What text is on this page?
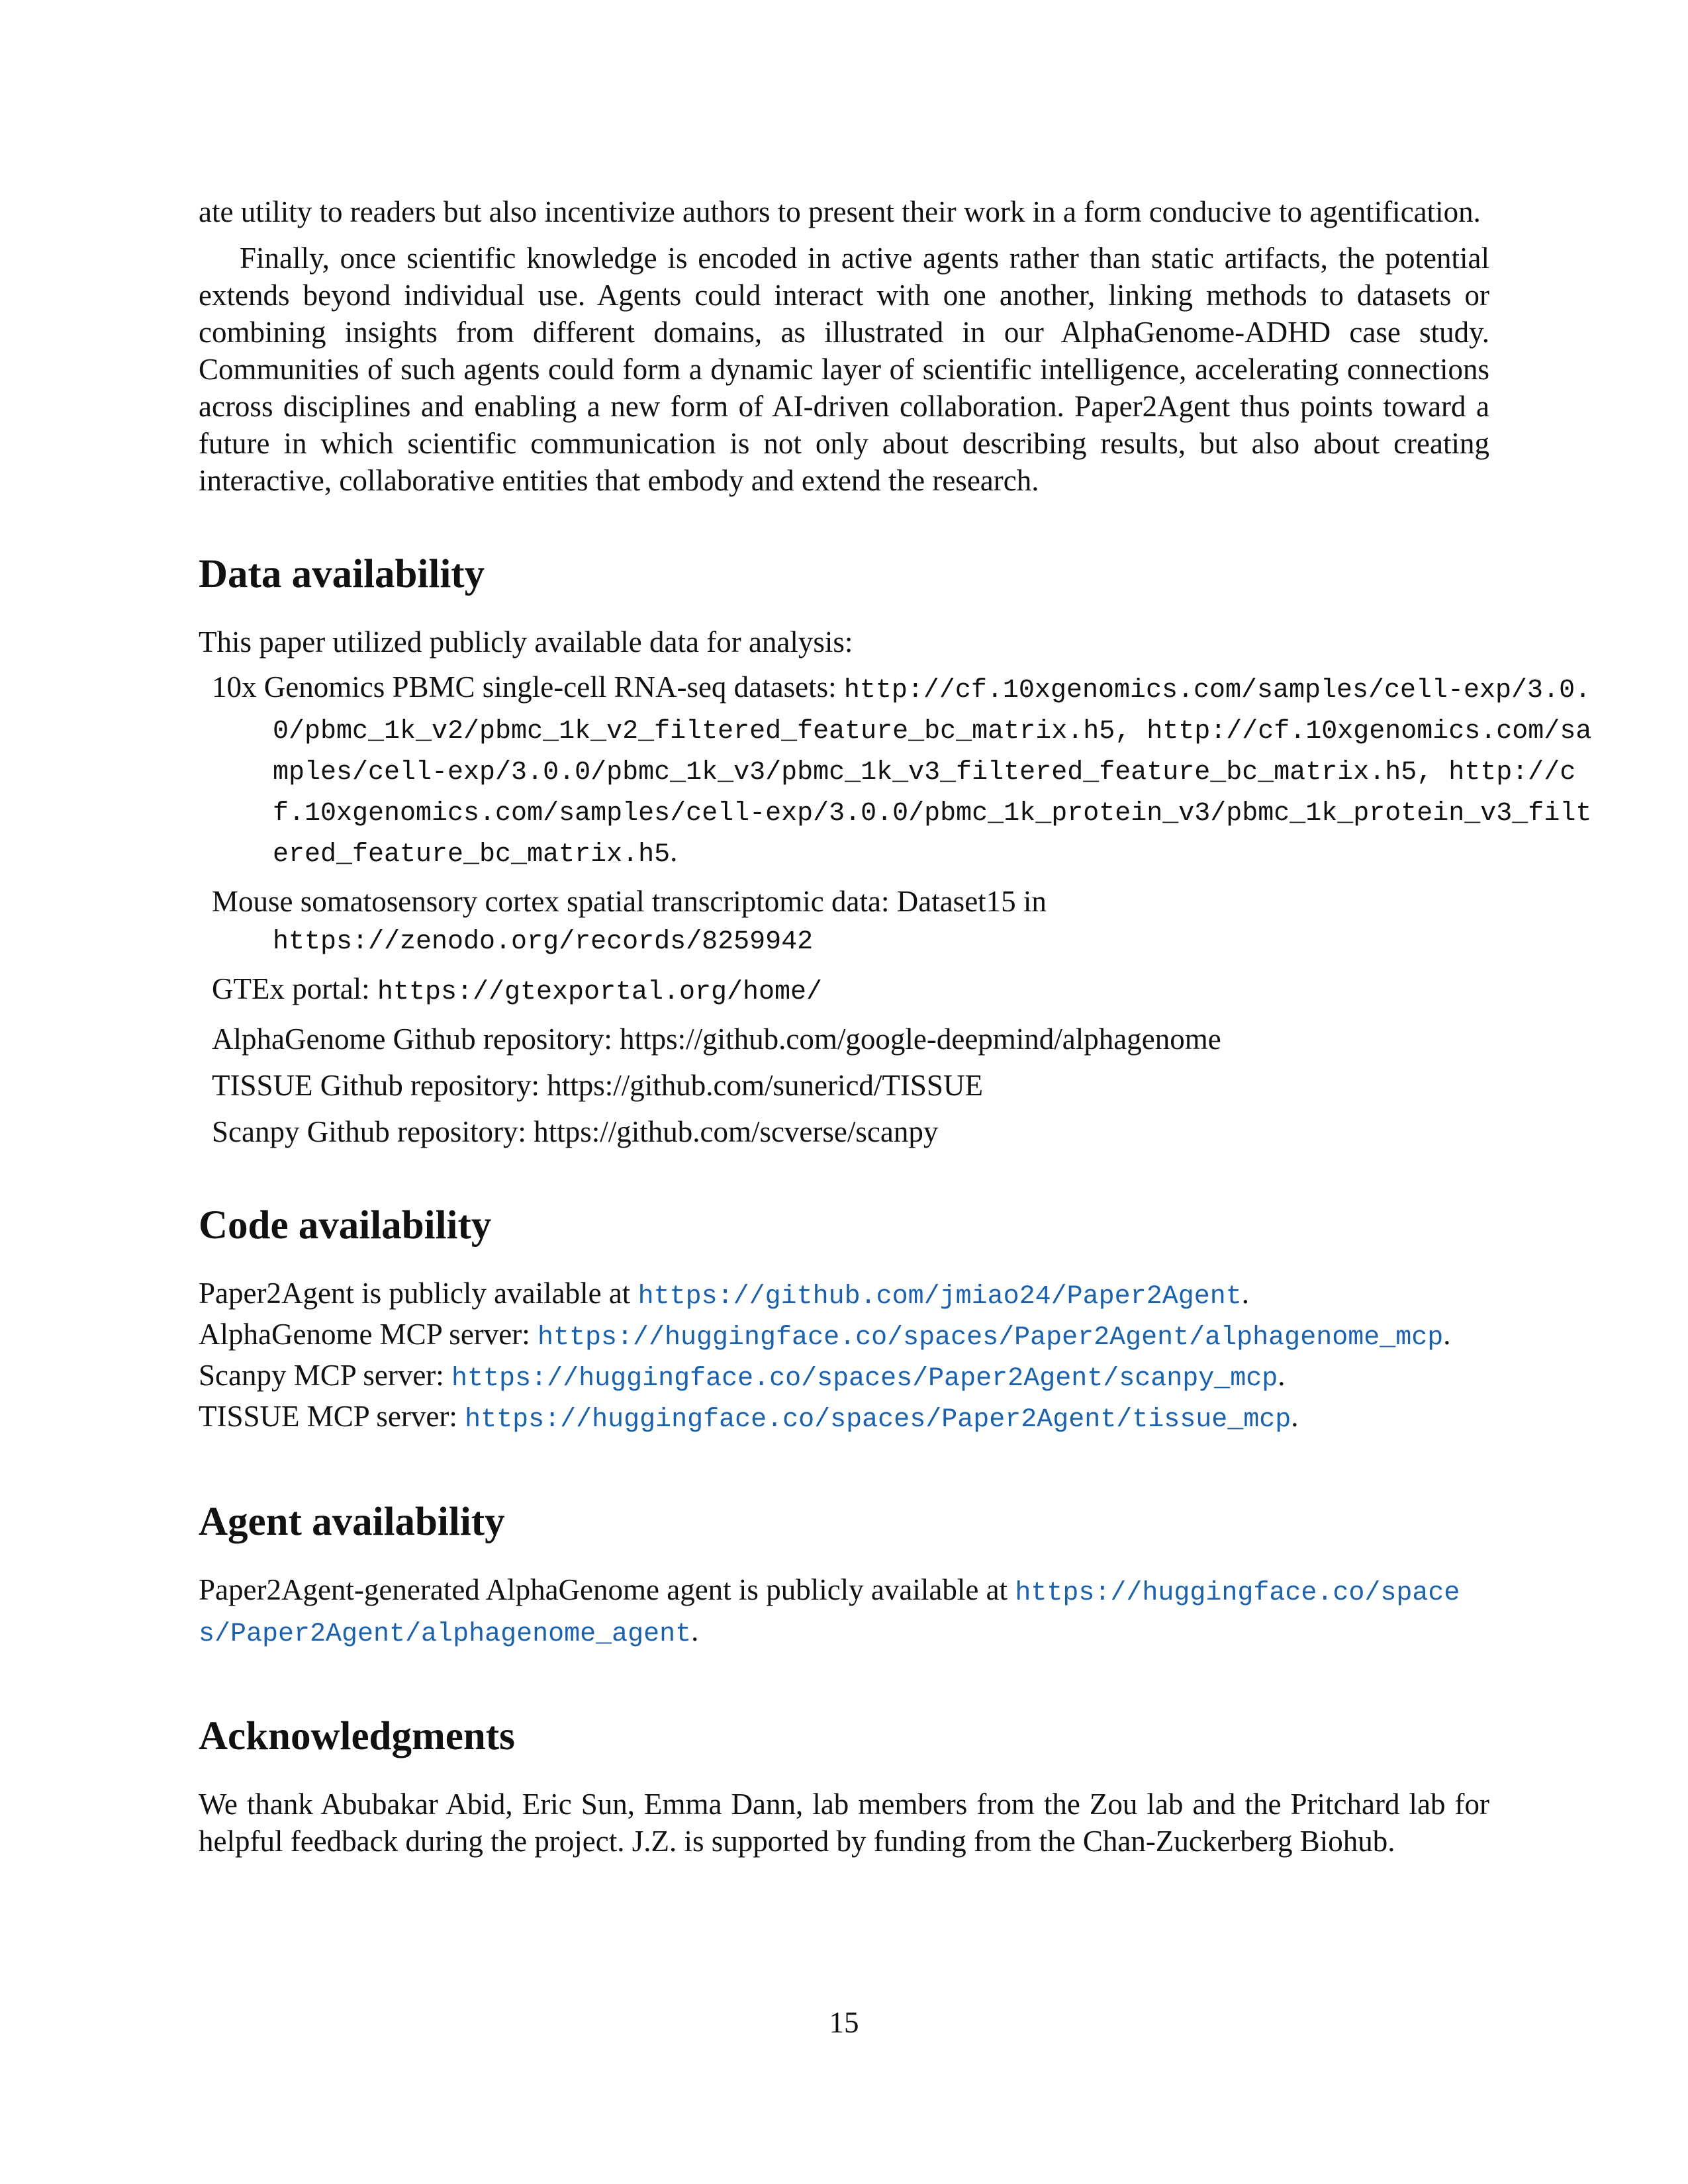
ate utility to readers but also incentivize authors to present their work in a form conducive to agentification.

Finally, once scientific knowledge is encoded in active agents rather than static artifacts, the potential extends beyond individual use. Agents could interact with one another, linking methods to datasets or combining insights from different domains, as illustrated in our AlphaGenome-ADHD case study. Communities of such agents could form a dynamic layer of scientific intelligence, accelerating connections across disciplines and enabling a new form of AI-driven collaboration. Paper2Agent thus points toward a future in which scientific communication is not only about describing results, but also about creating interactive, collaborative entities that embody and extend the research.

Data availability

This paper utilized publicly available data for analysis:

10x Genomics PBMC single-cell RNA-seq datasets: http://cf.10xgenomics.com/samples/cell-exp/3.0.0/pbmc_1k_v2/pbmc_1k_v2_filtered_feature_bc_matrix.h5, http://cf.10xgenomics.com/samples/cell-exp/3.0.0/pbmc_1k_v3/pbmc_1k_v3_filtered_feature_bc_matrix.h5, http://cf.10xgenomics.com/samples/cell-exp/3.0.0/pbmc_1k_protein_v3/pbmc_1k_protein_v3_filtered_feature_bc_matrix.h5.
Mouse somatosensory cortex spatial transcriptomic data: Dataset15 in https://zenodo.org/records/8259942
GTEx portal: https://gtexportal.org/home/
AlphaGenome Github repository: https://github.com/google-deepmind/alphagenome
TISSUE Github repository: https://github.com/sunericd/TISSUE
Scanpy Github repository: https://github.com/scverse/scanpy
Code availability
Paper2Agent is publicly available at https://github.com/jmiao24/Paper2Agent.
AlphaGenome MCP server: https://huggingface.co/spaces/Paper2Agent/alphagenome_mcp.
Scanpy MCP server: https://huggingface.co/spaces/Paper2Agent/scanpy_mcp.
TISSUE MCP server: https://huggingface.co/spaces/Paper2Agent/tissue_mcp.
Agent availability

Paper2Agent-generated AlphaGenome agent is publicly available at https://huggingface.co/spaces/Paper2Agent/alphagenome_agent.

Acknowledgments

We thank Abubakar Abid, Eric Sun, Emma Dann, lab members from the Zou lab and the Pritchard lab for helpful feedback during the project. J.Z. is supported by funding from the Chan-Zuckerberg Biohub.

15
